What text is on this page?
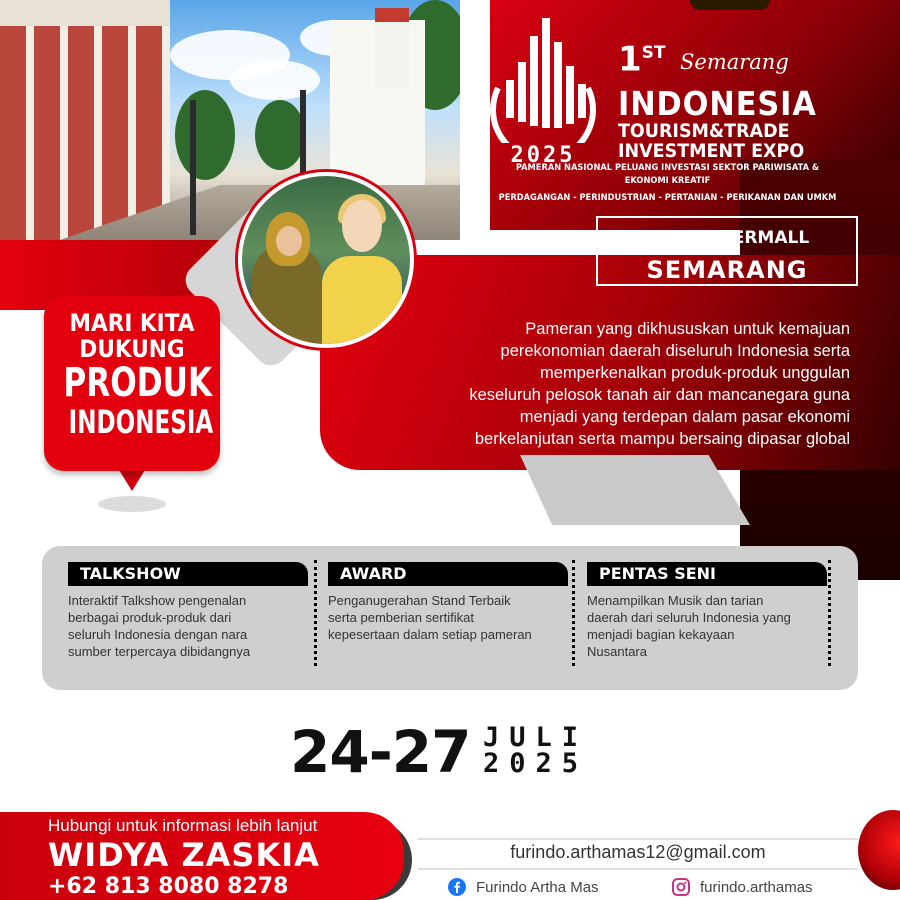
2025
1ST Semarang
INDONESIA
TOURISM&TRADE
INVESTMENT EXPO
PAMERAN NASIONAL PELUANG INVESTASI SEKTOR PARIWISATA & EKONOMI KREATIF
PERDAGANGAN - PERINDUSTRIAN - PERTANIAN - PERIKANAN DAN UMKM
JAVA SUPERMALL
SEMARANG
MARI KITA
DUKUNG
PRODUK
INDONESIA
Pameran yang dikhususkan untuk kemajuan
perekonomian daerah diseluruh Indonesia serta
memperkenalkan produk-produk unggulan
keseluruh pelosok tanah air dan mancanegara guna
menjadi yang terdepan dalam pasar ekonomi
berkelanjutan serta mampu bersaing dipasar global
TALKSHOW
Interaktif Talkshow pengenalan
berbagai produk-produk dari
seluruh Indonesia dengan nara
sumber terpercaya dibidangnya
AWARD
Penganugerahan Stand Terbaik
serta pemberian sertifikat
kepesertaan dalam setiap pameran
PENTAS SENI
Menampilkan Musik dan tarian
daerah dari seluruh Indonesia yang
menjadi bagian kekayaan
Nusantara
24-27 JULI
2025
Hubungi untuk informasi lebih lanjut
WIDYA ZASKIA
+62 813 8080 8278
furindo.arthamas12@gmail.com
Furindo Artha Mas	furindo.arthamas
